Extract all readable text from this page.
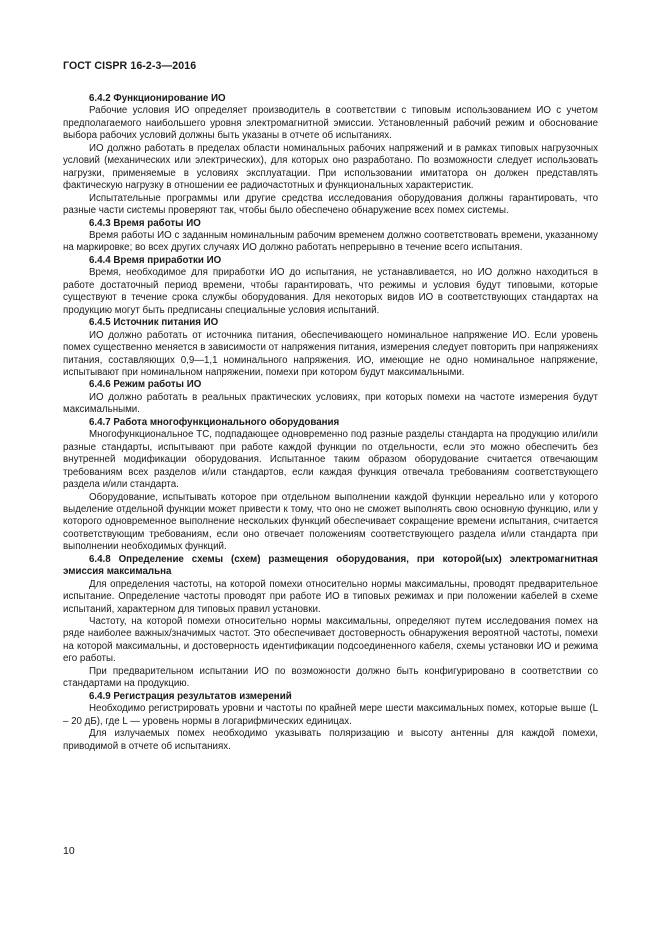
ГОСТ CISPR 16-2-3—2016

6.4.2 Функционирование ИО

Рабочие условия ИО определяет производитель в соответствии с типовым использованием ИО с учетом предполагаемого наибольшего уровня электромагнитной эмиссии. Установленный рабочий режим и обоснование выбора рабочих условий должны быть указаны в отчете об испытаниях.

ИО должно работать в пределах области номинальных рабочих напряжений и в рамках типовых нагрузочных условий (механических или электрических), для которых оно разработано. По возможности следует использовать нагрузки, применяемые в условиях эксплуатации. При использовании имитатора он должен представлять фактическую нагрузку в отношении ее радиочастотных и функциональных характеристик.

Испытательные программы или другие средства исследования оборудования должны гарантировать, что разные части системы проверяют так, чтобы было обеспечено обнаружение всех помех системы.

6.4.3 Время работы ИО

Время работы ИО с заданным номинальным рабочим временем должно соответствовать времени, указанному на маркировке; во всех других случаях ИО должно работать непрерывно в течение всего испытания.

6.4.4 Время приработки ИО

Время, необходимое для приработки ИО до испытания, не устанавливается, но ИО должно находиться в работе достаточный период времени, чтобы гарантировать, что режимы и условия будут типовыми, которые существуют в течение срока службы оборудования. Для некоторых видов ИО в соответствующих стандартах на продукцию могут быть предписаны специальные условия испытаний.

6.4.5 Источник питания ИО

ИО должно работать от источника питания, обеспечивающего номинальное напряжение ИО. Если уровень помех существенно меняется в зависимости от напряжения питания, измерения следует повторить при напряжениях питания, составляющих 0,9—1,1 номинального напряжения. ИО, имеющие не одно номинальное напряжение, испытывают при номинальном напряжении, помехи при котором будут максимальными.

6.4.6 Режим работы ИО

ИО должно работать в реальных практических условиях, при которых помехи на частоте измерения будут максимальными.

6.4.7 Работа многофункционального оборудования

Многофункциональное ТС, подпадающее одновременно под разные разделы стандарта на продукцию или/или разные стандарты, испытывают при работе каждой функции по отдельности, если это можно обеспечить без внутренней модификации оборудования. Испытанное таким образом оборудование считается отвечающим требованиям всех разделов и/или стандартов, если каждая функция отвечала требованиям соответствующего раздела и/или стандарта.

Оборудование, испытывать которое при отдельном выполнении каждой функции нереально или у которого выделение отдельной функции может привести к тому, что оно не сможет выполнять свою основную функцию, или у которого одновременное выполнение нескольких функций обеспечивает сокращение времени испытания, считается соответствующим требованиям, если оно отвечает положениям соответствующего раздела и/или стандарта при выполнении необходимых функций.

6.4.8 Определение схемы (схем) размещения оборудования, при которой(ых) электромагнитная эмиссия максимальна

Для определения частоты, на которой помехи относительно нормы максимальны, проводят предварительное испытание. Определение частоты проводят при работе ИО в типовых режимах и при положении кабелей в схеме испытаний, характерном для типовых правил установки.

Частоту, на которой помехи относительно нормы максимальны, определяют путем исследования помех на ряде наиболее важных/значимых частот. Это обеспечивает достоверность обнаружения вероятной частоты, помехи на которой максимальны, и достоверность идентификации подсоединенного кабеля, схемы установки ИО и режима его работы.

При предварительном испытании ИО по возможности должно быть конфигурировано в соответствии со стандартами на продукцию.

6.4.9 Регистрация результатов измерений

Необходимо регистрировать уровни и частоты по крайней мере шести максимальных помех, которые выше (L – 20 дБ), где L — уровень нормы в логарифмических единицах.

Для излучаемых помех необходимо указывать поляризацию и высоту антенны для каждой помехи, приводимой в отчете об испытаниях.

10
